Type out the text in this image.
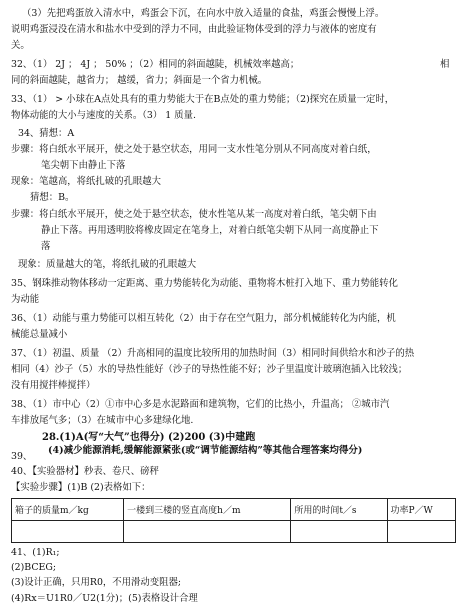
（3）先把鸡蛋放入清水中，鸡蛋会下沉，在向水中放入适量的食盐，鸡蛋会慢慢上浮。
说明鸡蛋浸没在清水和盐水中受到的浮力不同，由此验证物体受到的浮力与液体的密度有
关。
32、（1） 2J ； 4J ； 50% ；（2）相同的斜面越陡，机械效率越高；	相
同的斜面越陡，越省力； 越缓，省力；斜面是一个省力机械。
33、（1） > 小球在A点处具有的重力势能大于在B点处的重力势能；（2)探究在质量一定时，
物体动能的大小与速度的关系。（3） 1 质量.
34、猜想：A
步骤：将白纸水平展开，使之处于悬空状态，用同一支水性笔分别从不同高度对着白纸，
笔尖朝下由静止下落
现象：笔越高，将纸扎破的孔眼越大
猜想：B。
步骤：将白纸水平展开，使之处于悬空状态，使水性笔从某一高度对着白纸，笔尖朝下由
静止下落。再用透明胶将橡皮固定在笔身上，对着白纸笔尖朝下从同一高度静止下
落
现象：质量越大的笔，将纸扎破的孔眼越大
35、钢珠推动物体移动一定距离、重力势能转化为动能、重物将木桩打入地下、重力势能转化
为动能
36、（1）动能与重力势能可以相互转化（2）由于存在空气阻力，部分机械能转化为内能，机
械能总量减小
37、（1）初温、质量 （2）升高相同的温度比较所用的加热时间（3）相同时间供给水和沙子的热
相同（4）沙子（5）水的导热性能好（沙子的导热性能不好；沙子里温度计玻璃泡插入比较浅；
没有用搅拌棒搅拌）
38、（1）市中心（2）①市中心多是水泥路面和建筑物，它们的比热小，升温高； ②城市汽
车排放尾气多；（3）在城市中心多建绿化地.
28.(1)A(写“大气”也得分) (2)200 (3)中建跑
39、
(4)减少能源消耗,缓解能源紧张(或“调节能源结构”等其他合理答案均得分)
40、【实验器材】秒表、卷尺、磅秤
【实验步骤】(1)B (2)表格如下：
箱子的质量m／kg	一楼到三楼的竖直高度h／m	所用的时间t／s	功率P／W

41、(1)R₁;
(2)BCEG;
(3)设计正确，只用R0，不用滑动变阻器;
(4)Rx＝U1R0／U2(1分)；(5)表格设计合理
